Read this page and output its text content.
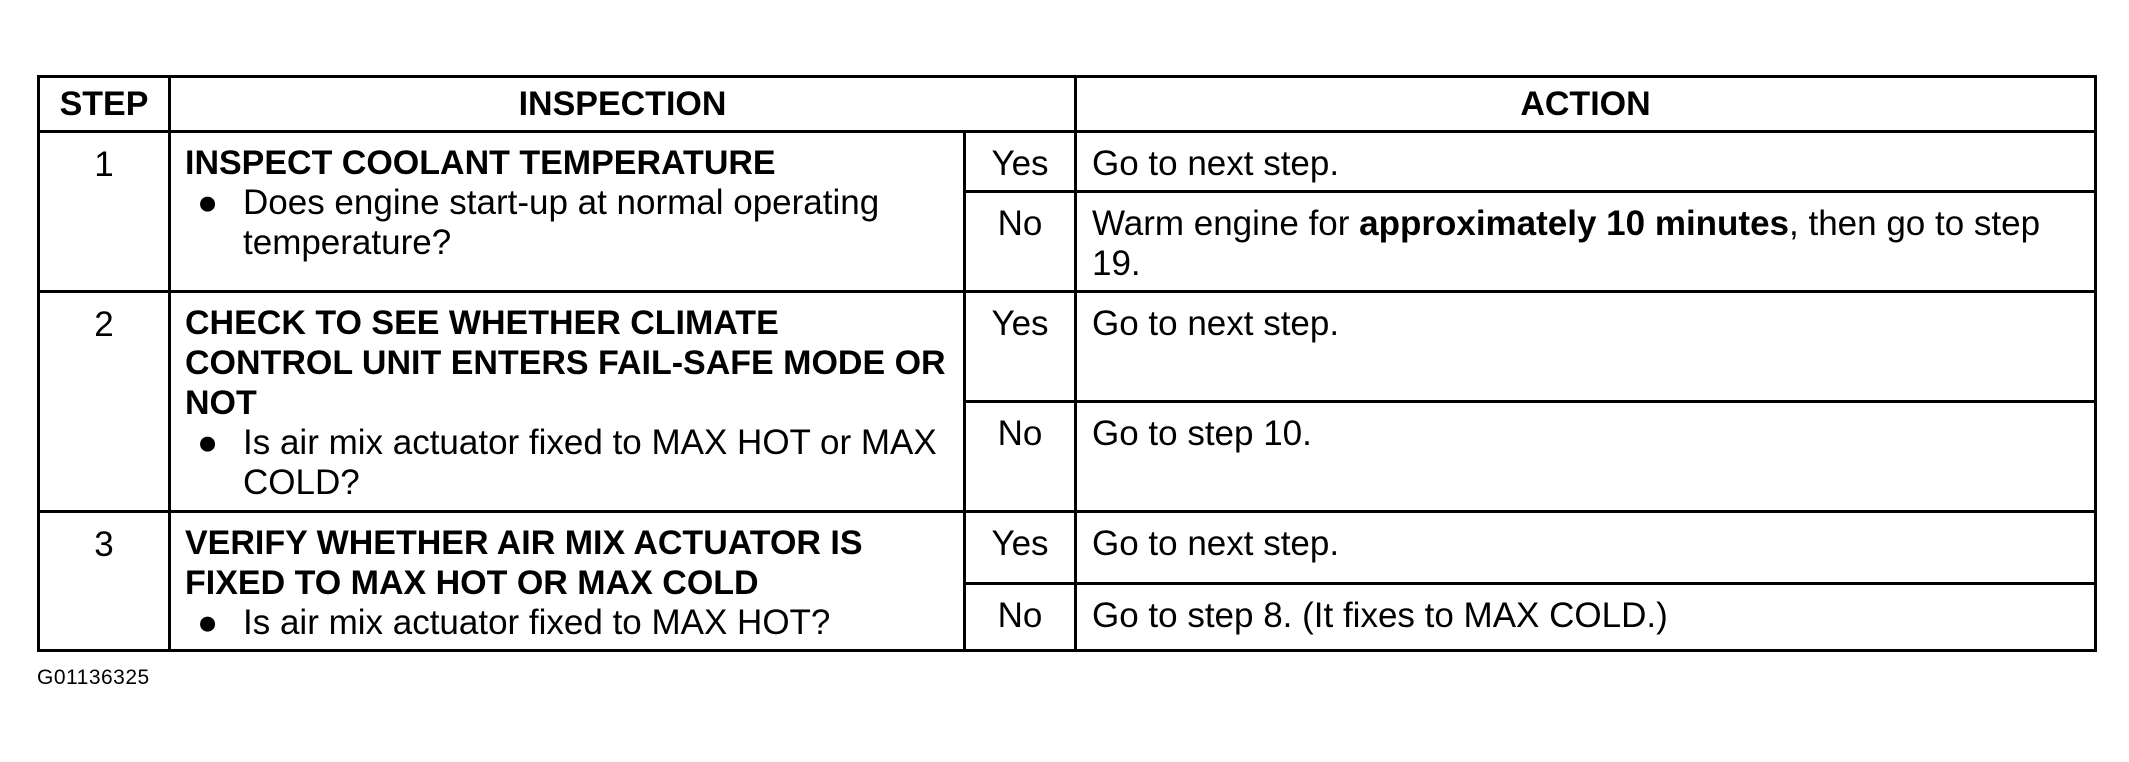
STEP	INSPECTION		ACTION
1	INSPECT COOLANT TEMPERATURE
● Does engine start-up at normal operating temperature?	Yes	Go to next step.
		No	Warm engine for approximately 10 minutes, then go to step 19.
2	CHECK TO SEE WHETHER CLIMATE CONTROL UNIT ENTERS FAIL-SAFE MODE OR NOT
● Is air mix actuator fixed to MAX HOT or MAX COLD?	Yes	Go to next step.
		No	Go to step 10.
3	VERIFY WHETHER AIR MIX ACTUATOR IS FIXED TO MAX HOT OR MAX COLD
● Is air mix actuator fixed to MAX HOT?	Yes	Go to next step.
		No	Go to step 8. (It fixes to MAX COLD.)
G01136325
